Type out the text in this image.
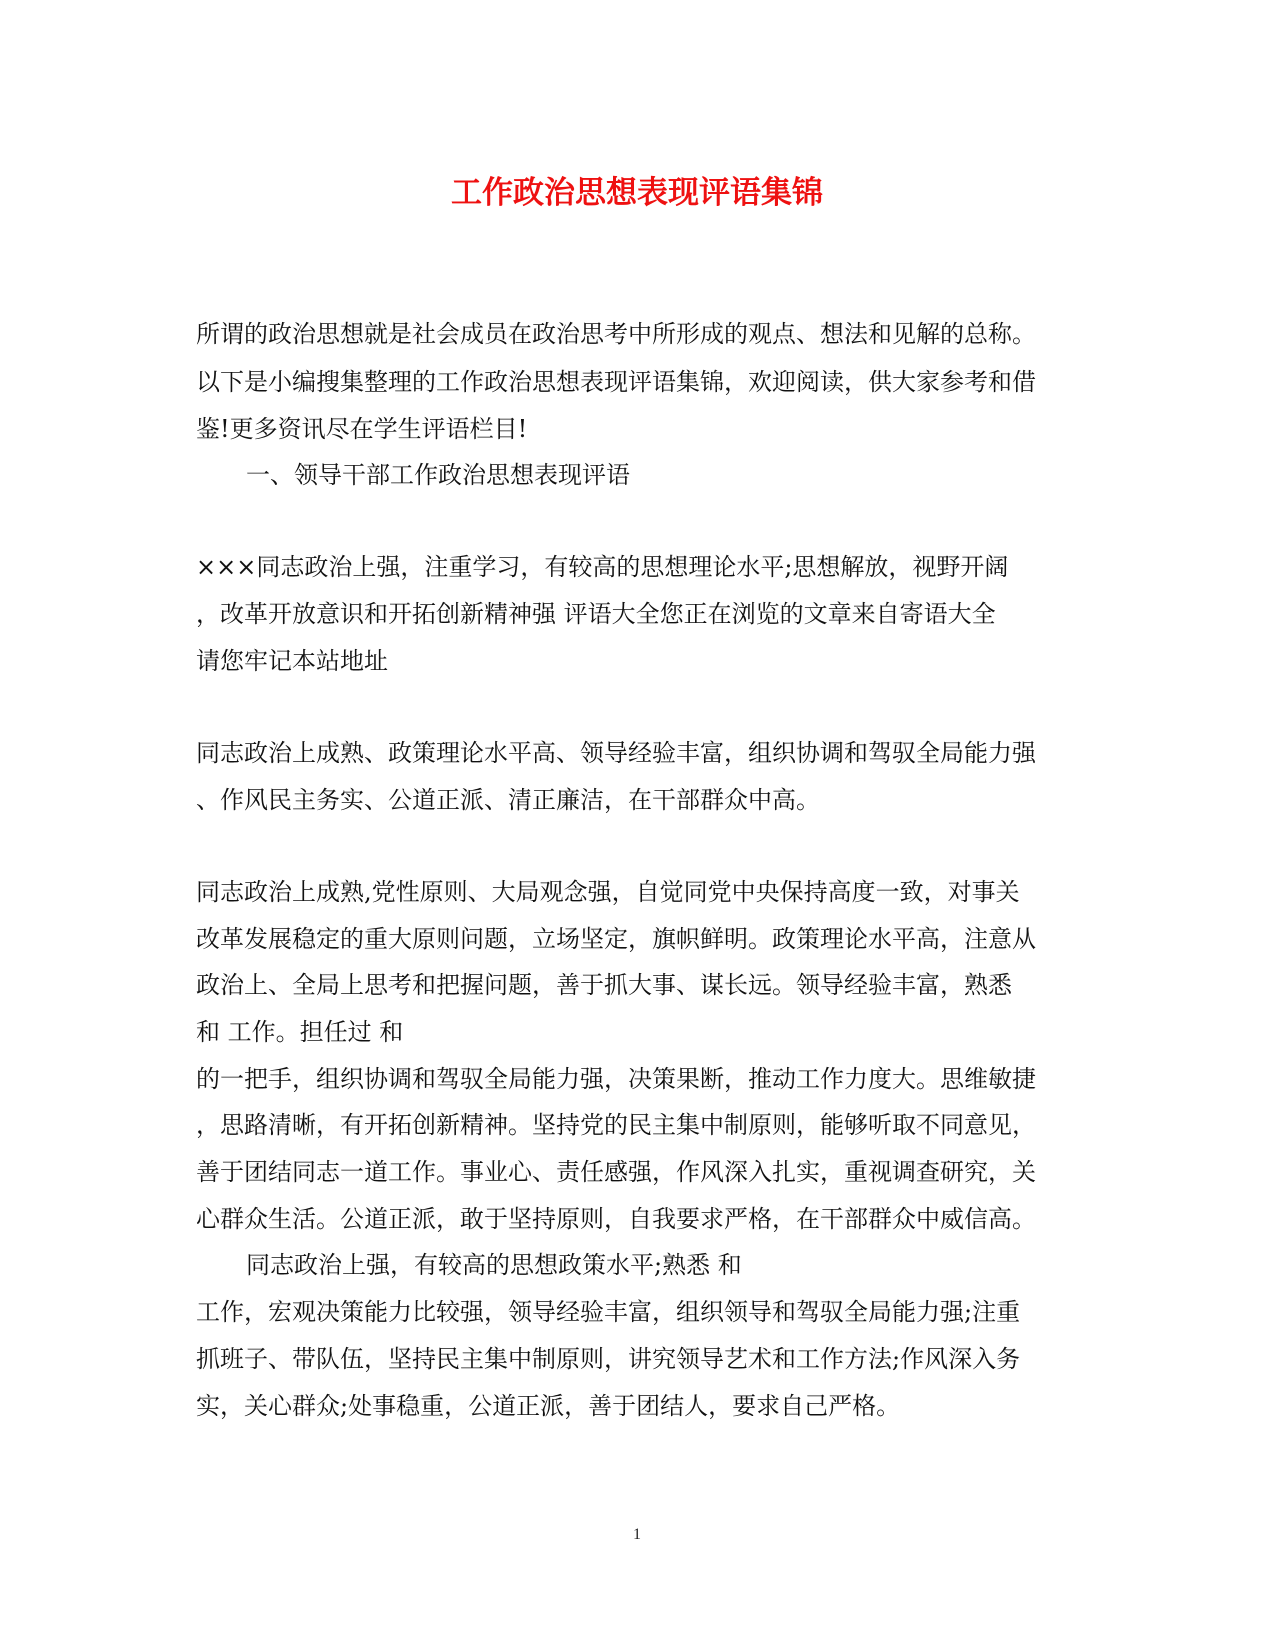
工作政治思想表现评语集锦

所谓的政治思想就是社会成员在政治思考中所形成的观点、想法和见解的总称。

以下是小编搜集整理的工作政治思想表现评语集锦，欢迎阅读，供大家参考和借

鉴!更多资讯尽在学生评语栏目!

一、领导干部工作政治思想表现评语

×××同志政治上强，注重学习，有较高的思想理论水平;思想解放，视野开阔

，改革开放意识和开拓创新精神强 评语大全您正在浏览的文章来自寄语大全

请您牢记本站地址

同志政治上成熟、政策理论水平高、领导经验丰富，组织协调和驾驭全局能力强

、作风民主务实、公道正派、清正廉洁，在干部群众中高。

同志政治上成熟,党性原则、大局观念强，自觉同党中央保持高度一致，对事关

改革发展稳定的重大原则问题，立场坚定，旗帜鲜明。政策理论水平高，注意从

政治上、全局上思考和把握问题，善于抓大事、谋长远。领导经验丰富，熟悉

和 工作。担任过 和

的一把手，组织协调和驾驭全局能力强，决策果断，推动工作力度大。思维敏捷

，思路清晰，有开拓创新精神。坚持党的民主集中制原则，能够听取不同意见，

善于团结同志一道工作。事业心、责任感强，作风深入扎实，重视调查研究，关

心群众生活。公道正派，敢于坚持原则，自我要求严格，在干部群众中威信高。

同志政治上强，有较高的思想政策水平;熟悉 和

工作，宏观决策能力比较强，领导经验丰富，组织领导和驾驭全局能力强;注重

抓班子、带队伍，坚持民主集中制原则，讲究领导艺术和工作方法;作风深入务

实，关心群众;处事稳重，公道正派，善于团结人，要求自己严格。

1
